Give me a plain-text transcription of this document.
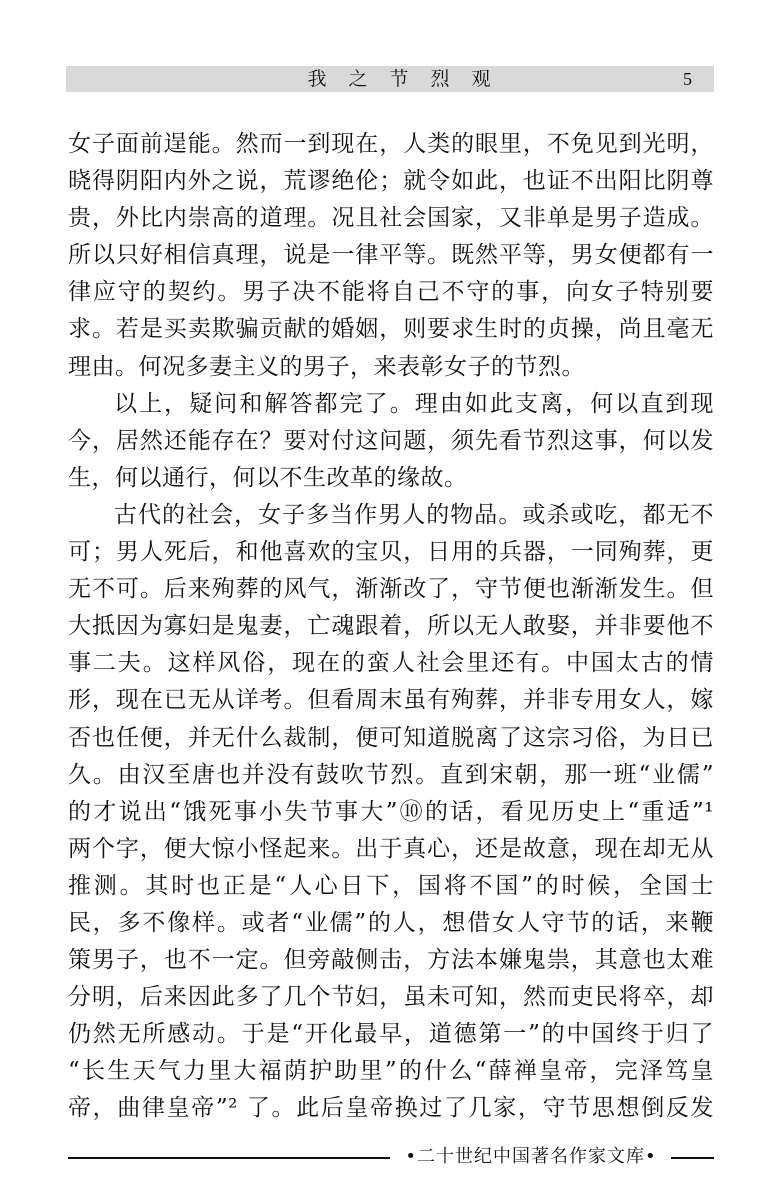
我之节烈观	5
女子面前逞能。然而一到现在，人类的眼里，不免见到光明，
晓得阴阳内外之说，荒谬绝伦；就令如此，也证不出阳比阴尊
贵，外比内崇高的道理。况且社会国家，又非单是男子造成。
所以只好相信真理，说是一律平等。既然平等，男女便都有一
律应守的契约。男子决不能将自己不守的事，向女子特别要
求。若是买卖欺骗贡献的婚姻，则要求生时的贞操，尚且毫无
理由。何况多妻主义的男子，来表彰女子的节烈。
以上，疑问和解答都完了。理由如此支离，何以直到现
今，居然还能存在？要对付这问题，须先看节烈这事，何以发
生，何以通行，何以不生改革的缘故。
古代的社会，女子多当作男人的物品。或杀或吃，都无不
可；男人死后，和他喜欢的宝贝，日用的兵器，一同殉葬，更
无不可。后来殉葬的风气，渐渐改了，守节便也渐渐发生。但
大抵因为寡妇是鬼妻，亡魂跟着，所以无人敢娶，并非要他不
事二夫。这样风俗，现在的蛮人社会里还有。中国太古的情
形，现在已无从详考。但看周末虽有殉葬，并非专用女人，嫁
否也任便，并无什么裁制，便可知道脱离了这宗习俗，为日已
久。由汉至唐也并没有鼓吹节烈。直到宋朝，那一班“业儒”
的才说出“饿死事小失节事大”⑩的话，看见历史上“重适”¹
两个字，便大惊小怪起来。出于真心，还是故意，现在却无从
推测。其时也正是“人心日下，国将不国”的时候，全国士
民，多不像样。或者“业儒”的人，想借女人守节的话，来鞭
策男子，也不一定。但旁敲侧击，方法本嫌鬼祟，其意也太难
分明，后来因此多了几个节妇，虽未可知，然而吏民将卒，却
仍然无所感动。于是“开化最早，道德第一”的中国终于归了
“长生天气力里大福荫护助里”的什么“薛禅皇帝，完泽笃皇
帝，曲律皇帝”² 了。此后皇帝换过了几家，守节思想倒反发
•二十世纪中国著名作家文库•
